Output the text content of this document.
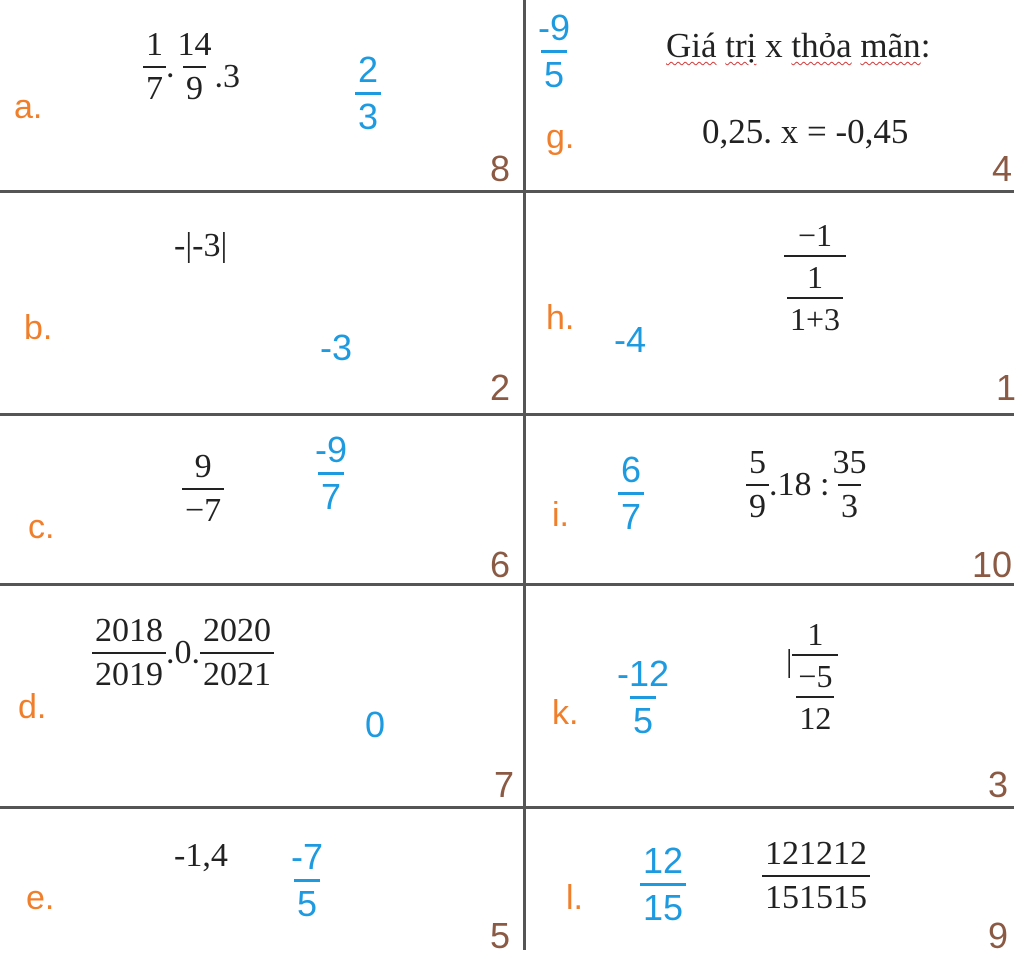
a.
$\frac{1}{7}$ . $\frac{14}{9} .3$	$\frac{2}{3}$
8
$\frac{-9}{5}$
g.
Giá trị x thỏa mãn:
0,25. x = -0,45
4
-|-3|
b.	-3
2
h.
-4
$\frac{-1}{\frac{1}{1+3}}$
1
$\frac{9}{-7} \frac{-9}{7}$
c.
6
i. $\frac{6}{7}$	$\frac{5}{9} .18$ : $\frac{35}{3}$
10
$\frac{2018}{2019} .0$. $\frac{2020}{2021}$
d.	0
7
k. $\frac{-12}{5}$	| $\frac{1}{\frac{-5}{12}}$
3
$-1,4 \frac{-7}{5}$
e.
5
l. $\frac{12}{15} \frac{121212}{151515}$
9
